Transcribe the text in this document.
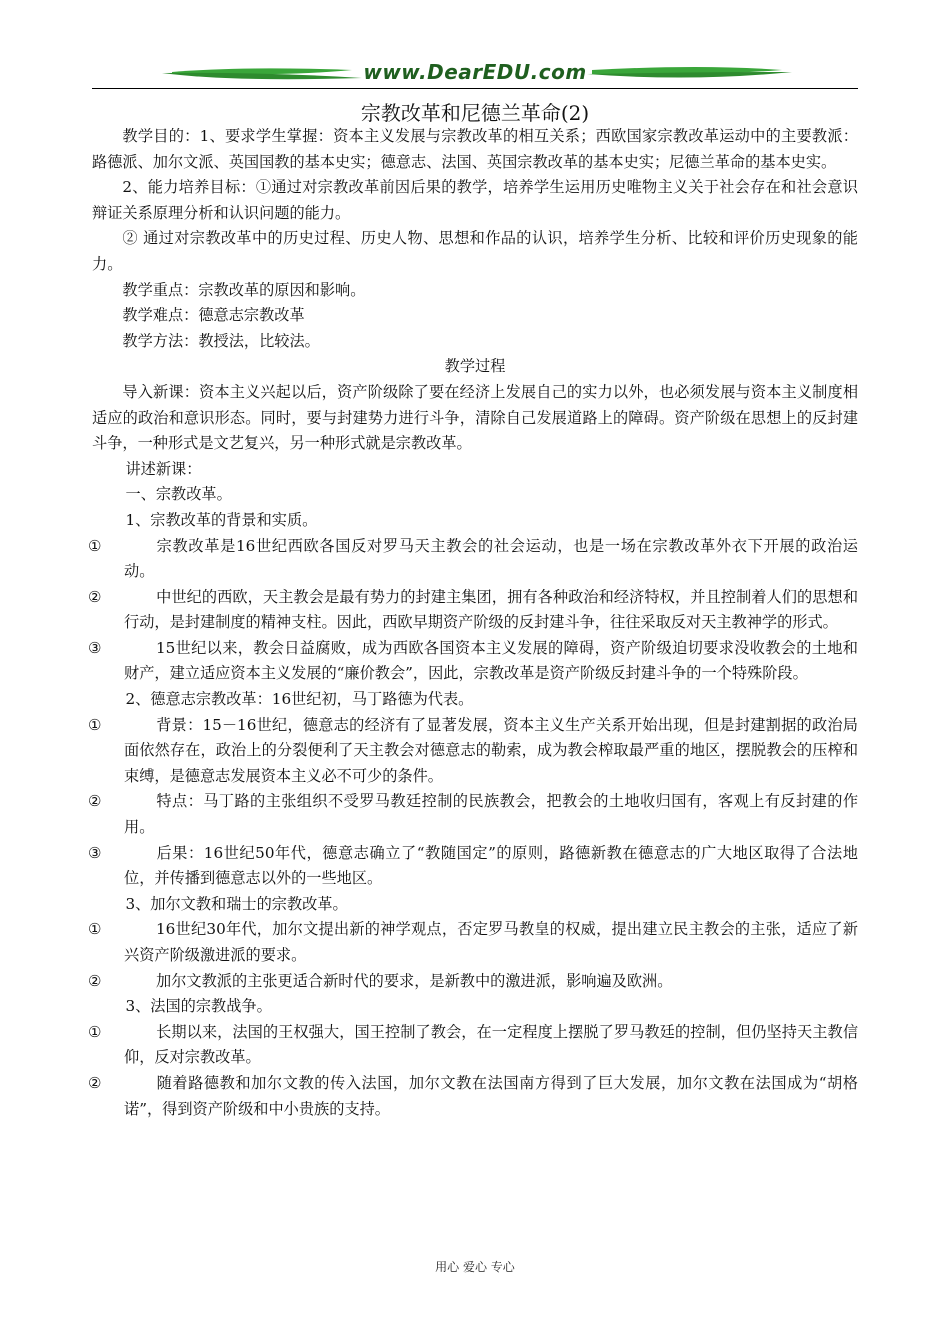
www.DearEDU.com
宗教改革和尼德兰革命(2)

教学目的：1、要求学生掌握：资本主义发展与宗教改革的相互关系；西欧国家宗教改革运动中的主要教派：路德派、加尔文派、英国国教的基本史实；德意志、法国、英国宗教改革的基本史实；尼德兰革命的基本史实。

2、能力培养目标：①通过对宗教改革前因后果的教学，培养学生运用历史唯物主义关于社会存在和社会意识辩证关系原理分析和认识问题的能力。

② 通过对宗教改革中的历史过程、历史人物、思想和作品的认识，培养学生分析、比较和评价历史现象的能力。

教学重点：宗教改革的原因和影响。

教学难点：德意志宗教改革

教学方法：教授法，比较法。

教学过程

导入新课：资本主义兴起以后，资产阶级除了要在经济上发展自己的实力以外，也必须发展与资本主义制度相适应的政治和意识形态。同时，要与封建势力进行斗争，清除自己发展道路上的障碍。资产阶级在思想上的反封建斗争，一种形式是文艺复兴，另一种形式就是宗教改革。

讲述新课：

一、宗教改革。

1、宗教改革的背景和实质。

①	宗教改革是16世纪西欧各国反对罗马天主教会的社会运动，也是一场在宗教改革外衣下开展的政治运动。
②	中世纪的西欧，天主教会是最有势力的封建主集团，拥有各种政治和经济特权，并且控制着人们的思想和行动，是封建制度的精神支柱。因此，西欧早期资产阶级的反封建斗争，往往采取反对天主教神学的形式。
③	15世纪以来，教会日益腐败，成为西欧各国资本主义发展的障碍，资产阶级迫切要求没收教会的土地和财产，建立适应资本主义发展的“廉价教会”，因此，宗教改革是资产阶级反封建斗争的一个特殊阶段。

2、德意志宗教改革：16世纪初，马丁路德为代表。

①	背景：15－16世纪，德意志的经济有了显著发展，资本主义生产关系开始出现，但是封建割据的政治局面依然存在，政治上的分裂便利了天主教会对德意志的勒索，成为教会榨取最严重的地区，摆脱教会的压榨和束缚，是德意志发展资本主义必不可少的条件。
②	特点：马丁路的主张组织不受罗马教廷控制的民族教会，把教会的土地收归国有，客观上有反封建的作用。
③	后果：16世纪50年代，德意志确立了“教随国定”的原则，路德新教在德意志的广大地区取得了合法地位，并传播到德意志以外的一些地区。

3、加尔文教和瑞士的宗教改革。

①	16世纪30年代，加尔文提出新的神学观点，否定罗马教皇的权威，提出建立民主教会的主张，适应了新兴资产阶级激进派的要求。
②	加尔文教派的主张更适合新时代的要求，是新教中的激进派，影响遍及欧洲。

3、法国的宗教战争。

①	长期以来，法国的王权强大，国王控制了教会，在一定程度上摆脱了罗马教廷的控制，但仍坚持天主教信仰，反对宗教改革。
②	随着路德教和加尔文教的传入法国，加尔文教在法国南方得到了巨大发展，加尔文教在法国成为“胡格诺”，得到资产阶级和中小贵族的支持。
用心 爱心 专心
